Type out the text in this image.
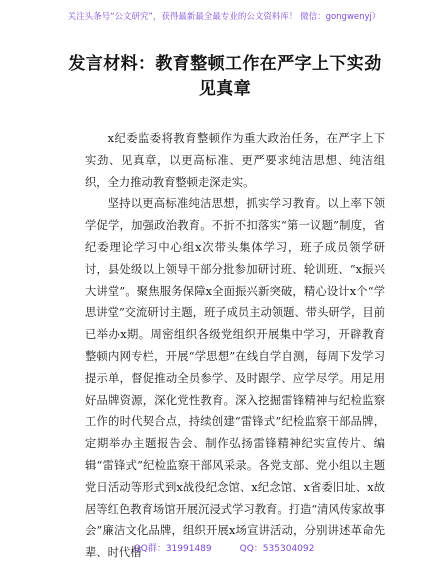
关注头条号“公文研究”，获得最新最全最专业的公文资料库！ 微信：gongwenyj）
发言材料：教育整顿工作在严字上下实劲见真章

x纪委监委将教育整顿作为重大政治任务，在严字上下实劲、见真章，以更高标准、更严要求纯洁思想、纯洁组织，全力推动教育整顿走深走实。

坚持以更高标准纯洁思想，抓实学习教育。以上率下领学促学，加强政治教育。不折不扣落实“第一议题”制度，省纪委理论学习中心组x次带头集体学习，班子成员领学研讨，县处级以上领导干部分批参加研讨班、轮训班、“x振兴大讲堂”。聚焦服务保障x全面振兴新突破，精心设计x个“学思讲堂”交流研讨主题，班子成员主动领题、带头研学，目前已举办x期。周密组织各级党组织开展集中学习，开辟教育整顿内网专栏，开展“学思想”在线自学自测，每周下发学习提示单，督促推动全员参学、及时跟学、应学尽学。用足用好品牌资源，深化党性教育。深入挖掘雷锋精神与纪检监察工作的时代契合点，持续创建“雷锋式”纪检监察干部品牌，定期举办主题报告会、制作弘扬雷锋精神纪实宣传片、编辑“雷锋式”纪检监察干部风采录。各党支部、党小组以主题党日活动等形式到x战役纪念馆、x纪念馆、x省委旧址、x故居等红色教育场馆开展沉浸式学习教育。打造“清风传家故事会”廉洁文化品牌，组织开展x场宣讲活动，分别讲述革命先辈、时代楷

QQ群：31991489	QQ：535304092
